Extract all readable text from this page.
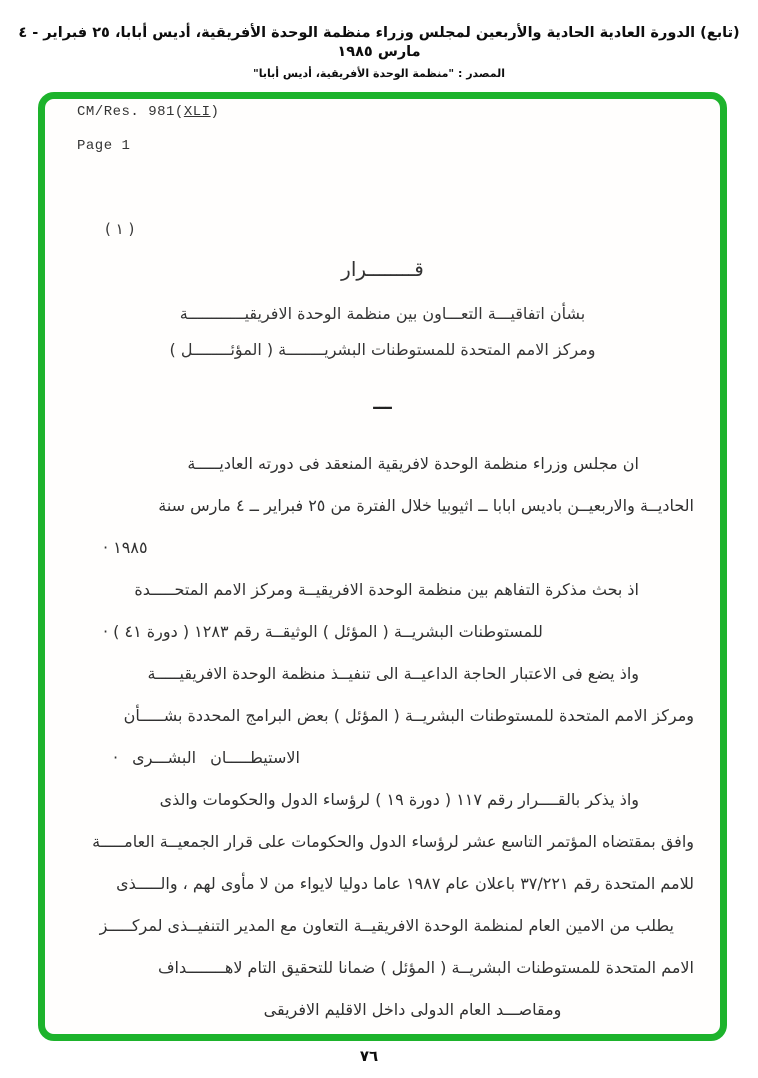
(تابع) الدورة العادية الحادية والأربعين لمجلس وزراء منظمة الوحدة الأفريقية، أديس أبابا، ٢٥ فبراير - ٤ مارس ١٩٨٥
المصدر : "منظمة الوحدة الأفريقية، أديس أبابا"
CM/Res. 981(XLI)
Page 1
( ١ )
قــــــــرار
بشأن اتفاقيـــة التعـــاون بين منظمة الوحدة الافريقيــــــــــــة
ومركز الامم المتحدة للمستوطنات البشريــــــــة ( المؤئــــــــل )
ـــ
ان مجلس وزراء منظمة الوحدة لافريقية المنعقد فى دورته العاديـــــة
الحاديــة والاربعيــن باديس ابابا ــ اثيوبيا خلال الفترة من ٢٥ فبراير ــ ٤ مارس سنة
١٩٨٥ ·
اذ بحث مذكرة التفاهم بين منظمة الوحدة الافريقيــة ومركز الامم المتحـــــدة
للمستوطنات البشريــة ( المؤئل ) الوثيقــة رقم ١٢٨٣ ( دورة ٤١ ) ·
واذ يضع فى الاعتبار الحاجة الداعيــة الى تنفيــذ منظمة الوحدة الافريقيـــــة
ومركز الامم المتحدة للمستوطنات البشريــة ( المؤئل ) بعض البرامج المحددة بشـــــأن
الاستيطـــــان البشـــرى ·
واذ يذكر بالقــــرار رقم ١١٧ ( دورة ١٩ ) لرؤساء الدول والحكومات والذى
وافق بمقتضاه المؤتمر التاسع عشر لرؤساء الدول والحكومات على قرار الجمعيــة العامـــــة
للامم المتحدة رقم ٣٧/٢٢١ باعلان عام ١٩٨٧ عاما دوليا لايواء من لا مأوى لهم ، والـــــذى
يطلب من الامين العام لمنظمة الوحدة الافريقيــة التعاون مع المدير التنفيــذى لمركـــــز
الامم المتحدة للمستوطنات البشريــة ( المؤئل ) ضمانا للتحقيق التام لاهــــــــداف
ومقاصـــد العام الدولى داخل الاقليم الافريقى
٧٦
